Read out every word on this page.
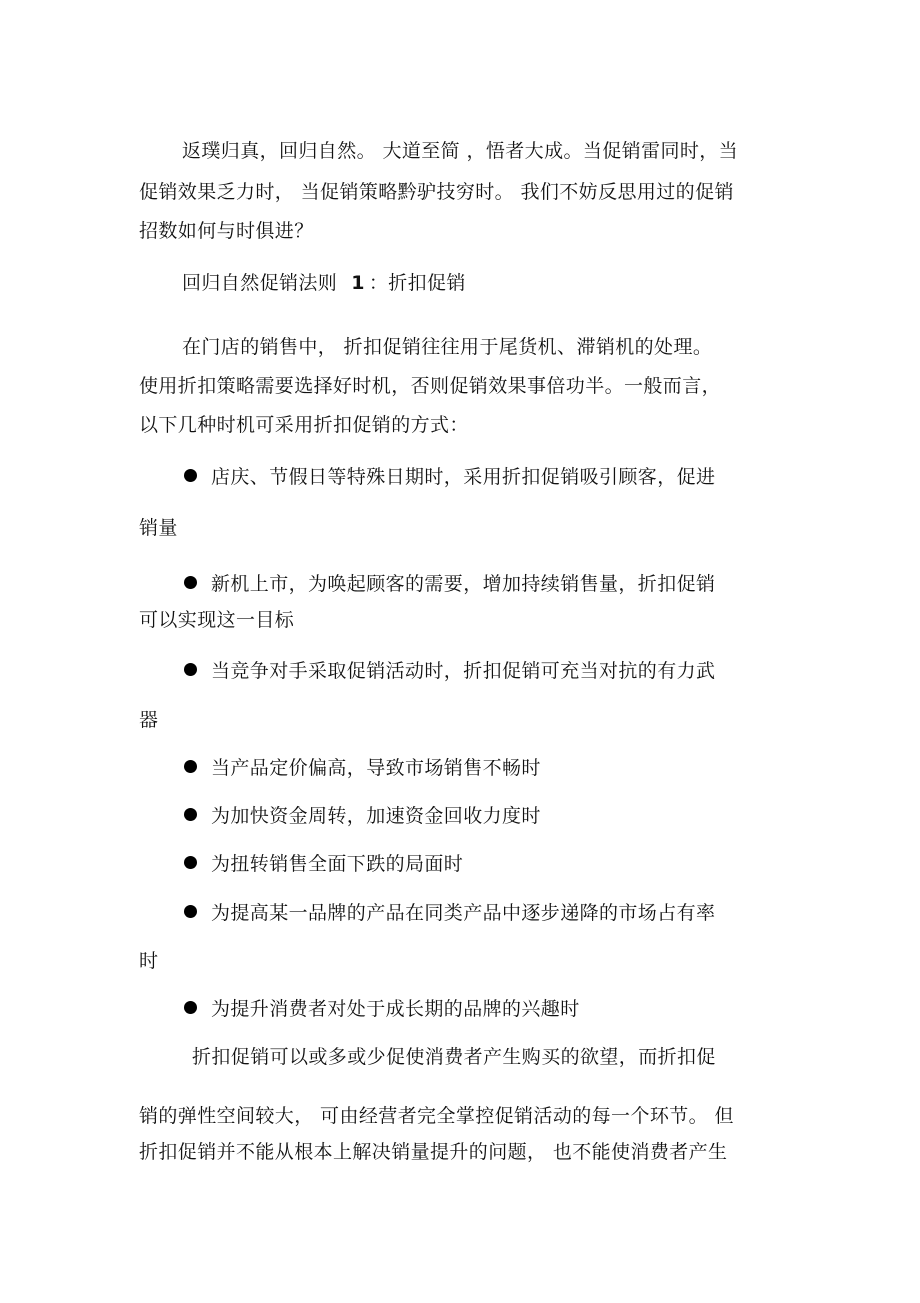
返璞归真，回归自然。 大道至简 ，悟者大成。当促销雷同时，当
促销效果乏力时， 当促销策略黔驴技穷时。 我们不妨反思用过的促销
招数如何与时俱进？
回归自然促销法则 1 ：折扣促销
在门店的销售中， 折扣促销往往用于尾货机、滞销机的处理。
使用折扣策略需要选择好时机，否则促销效果事倍功半。一般而言，
以下几种时机可采用折扣促销的方式：
店庆、节假日等特殊日期时，采用折扣促销吸引顾客，促进
销量
新机上市，为唤起顾客的需要，增加持续销售量，折扣促销
可以实现这一目标
当竞争对手采取促销活动时，折扣促销可充当对抗的有力武
器
当产品定价偏高，导致市场销售不畅时
为加快资金周转，加速资金回收力度时
为扭转销售全面下跌的局面时
为提高某一品牌的产品在同类产品中逐步递降的市场占有率
时
为提升消费者对处于成长期的品牌的兴趣时
折扣促销可以或多或少促使消费者产生购买的欲望，而折扣促
销的弹性空间较大， 可由经营者完全掌控促销活动的每一个环节。 但
折扣促销并不能从根本上解决销量提升的问题， 也不能使消费者产生
